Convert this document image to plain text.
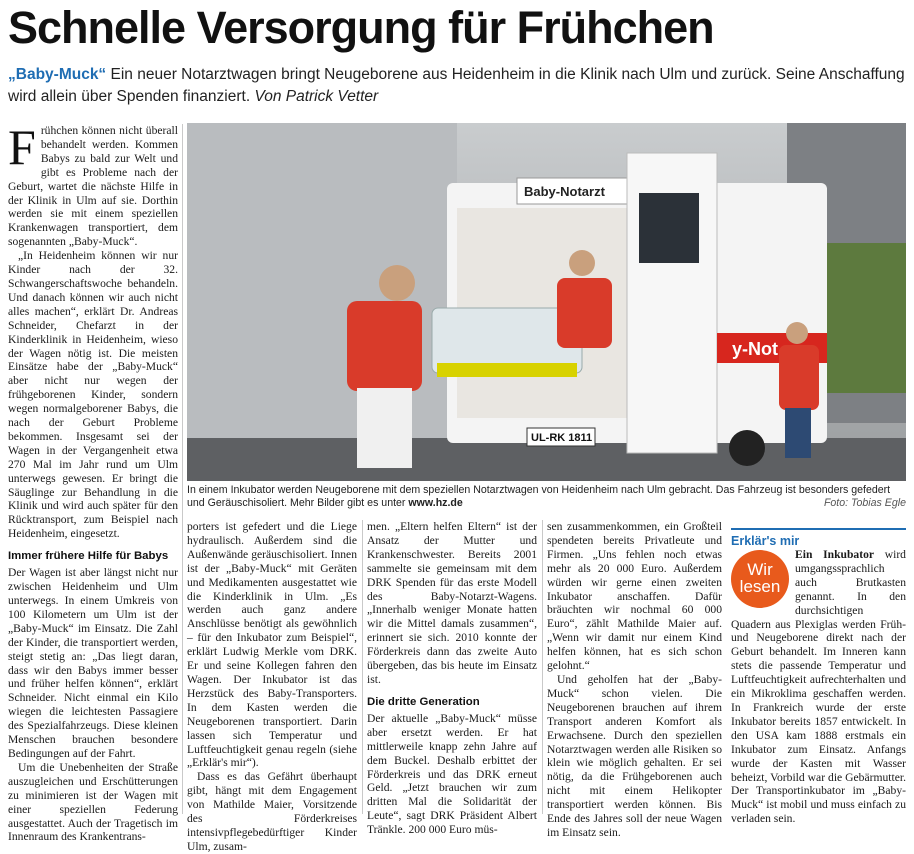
Schnelle Versorgung für Frühchen
„Baby-Muck“ Ein neuer Notarztwagen bringt Neugeborene aus Heidenheim in die Klinik nach Ulm und zurück. Seine Anschaffung wird allein über Spenden finanziert. Von Patrick Vetter

F rühchen können nicht überall behandelt werden. Kommen Babys zu bald zur Welt und gibt es Probleme nach der Geburt, wartet die nächste Hilfe in der Klinik in Ulm auf sie. Dorthin werden sie mit einem speziellen Krankenwagen transportiert, dem sogenannten „Baby-Muck“.

„In Heidenheim können wir nur Kinder nach der 32. Schwangerschaftswoche behandeln. Und danach können wir auch nicht alles machen“, erklärt Dr. Andreas Schneider, Chefarzt in der Kinderklinik in Heidenheim, wieso der Wagen nötig ist. Die meisten Einsätze habe der „Baby-Muck“ aber nicht nur wegen der frühgeborenen Kinder, sondern wegen normalgeborener Babys, die nach der Geburt Probleme bekommen. Insgesamt sei der Wagen in der Vergangenheit etwa 270 Mal im Jahr rund um Ulm unterwegs gewesen. Er bringt die Säuglinge zur Behandlung in die Klinik und wird auch später für den Rücktransport, zum Beispiel nach Heidenheim, eingesetzt.

Immer frühere Hilfe für Babys

Der Wagen ist aber längst nicht nur zwischen Heidenheim und Ulm unterwegs. In einem Umkreis von 100 Kilometern um Ulm ist der „Baby-Muck“ im Einsatz. Die Zahl der Kinder, die transportiert werden, steigt stetig an: „Das liegt daran, dass wir den Babys immer besser und früher helfen können“, erklärt Schneider. Nicht einmal ein Kilo wiegen die leichtesten Passagiere des Spezialfahrzeugs. Diese kleinen Menschen brauchen besondere Bedingungen auf der Fahrt.

Um die Unebenheiten der Straße auszugleichen und Erschütterungen zu minimieren ist der Wagen mit einer speziellen Federung ausgestattet. Auch der Tragetisch im Innenraum des Krankentrans-

Baby-Notarzt
y-Not
UL-RK 1811
In einem Inkubator werden Neugeborene mit dem speziellen Notarztwagen von Heidenheim nach Ulm gebracht. Das Fahrzeug ist besonders gefedert und Geräuschisoliert. Mehr Bilder gibt es unter www.hz.de	Foto: Tobias Egle

porters ist gefedert und die Liege hydraulisch. Außerdem sind die Außenwände geräuschisoliert. Innen ist der „Baby-Muck“ mit Geräten und Medikamenten ausgestattet wie die Kinderklinik in Ulm. „Es werden auch ganz andere Anschlüsse benötigt als gewöhnlich – für den Inkubator zum Beispiel“, erklärt Ludwig Merkle vom DRK. Er und seine Kollegen fahren den Wagen. Der Inkubator ist das Herzstück des Baby-Transporters. In dem Kasten werden die Neugeborenen transportiert. Darin lassen sich Temperatur und Luftfeuchtigkeit genau regeln (siehe „Erklär's mir“).

Dass es das Gefährt überhaupt gibt, hängt mit dem Engagement von Mathilde Maier, Vorsitzende des Förderkreises intensivpflegebedürftiger Kinder Ulm, zusam-

men. „Eltern helfen Eltern“ ist der Ansatz der Mutter und Krankenschwester. Bereits 2001 sammelte sie gemeinsam mit dem DRK Spenden für das erste Modell des Baby-Notarzt-Wagens. „Innerhalb weniger Monate hatten wir die Mittel damals zusammen“, erinnert sie sich. 2010 konnte der Förderkreis dann das zweite Auto übergeben, das bis heute im Einsatz ist.

Die dritte Generation

Der aktuelle „Baby-Muck“ müsse aber ersetzt werden. Er hat mittlerweile knapp zehn Jahre auf dem Buckel. Deshalb erbittet der Förderkreis und das DRK erneut Geld. „Jetzt brauchen wir zum dritten Mal die Solidarität der Leute“, sagt DRK Präsident Albert Tränkle. 200 000 Euro müs-

sen zusammenkommen, ein Großteil spendeten bereits Privatleute und Firmen. „Uns fehlen noch etwas mehr als 20 000 Euro. Außerdem würden wir gerne einen zweiten Inkubator anschaffen. Dafür bräuchten wir nochmal 60 000 Euro“, zählt Mathilde Maier auf. „Wenn wir damit nur einem Kind helfen können, hat es sich schon gelohnt.“

Und geholfen hat der „Baby-Muck“ schon vielen. Die Neugeborenen brauchen auf ihrem Transport anderen Komfort als Erwachsene. Durch den speziellen Notarztwagen werden alle Risiken so klein wie möglich gehalten. Er sei nötig, da die Frühgeborenen auch nicht mit einem Helikopter transportiert werden können. Bis Ende des Jahres soll der neue Wagen im Einsatz sein.

Erklär's mir
Wir
lesen

Ein Inkubator wird umgangssprachlich auch Brutkasten genannt. In den durchsichtigen Quadern aus Plexiglas werden Früh- und Neugeborene direkt nach der Geburt behandelt. Im Inneren kann stets die passende Temperatur und Luftfeuchtigkeit aufrechterhalten und ein Mikroklima geschaffen werden. In Frankreich wurde der erste Inkubator bereits 1857 entwickelt. In den USA kam 1888 erstmals ein Inkubator zum Einsatz. Anfangs wurde der Kasten mit Wasser beheizt, Vorbild war die Gebärmutter. Der Transportinkubator im „Baby-Muck“ ist mobil und muss einfach zu verladen sein.
